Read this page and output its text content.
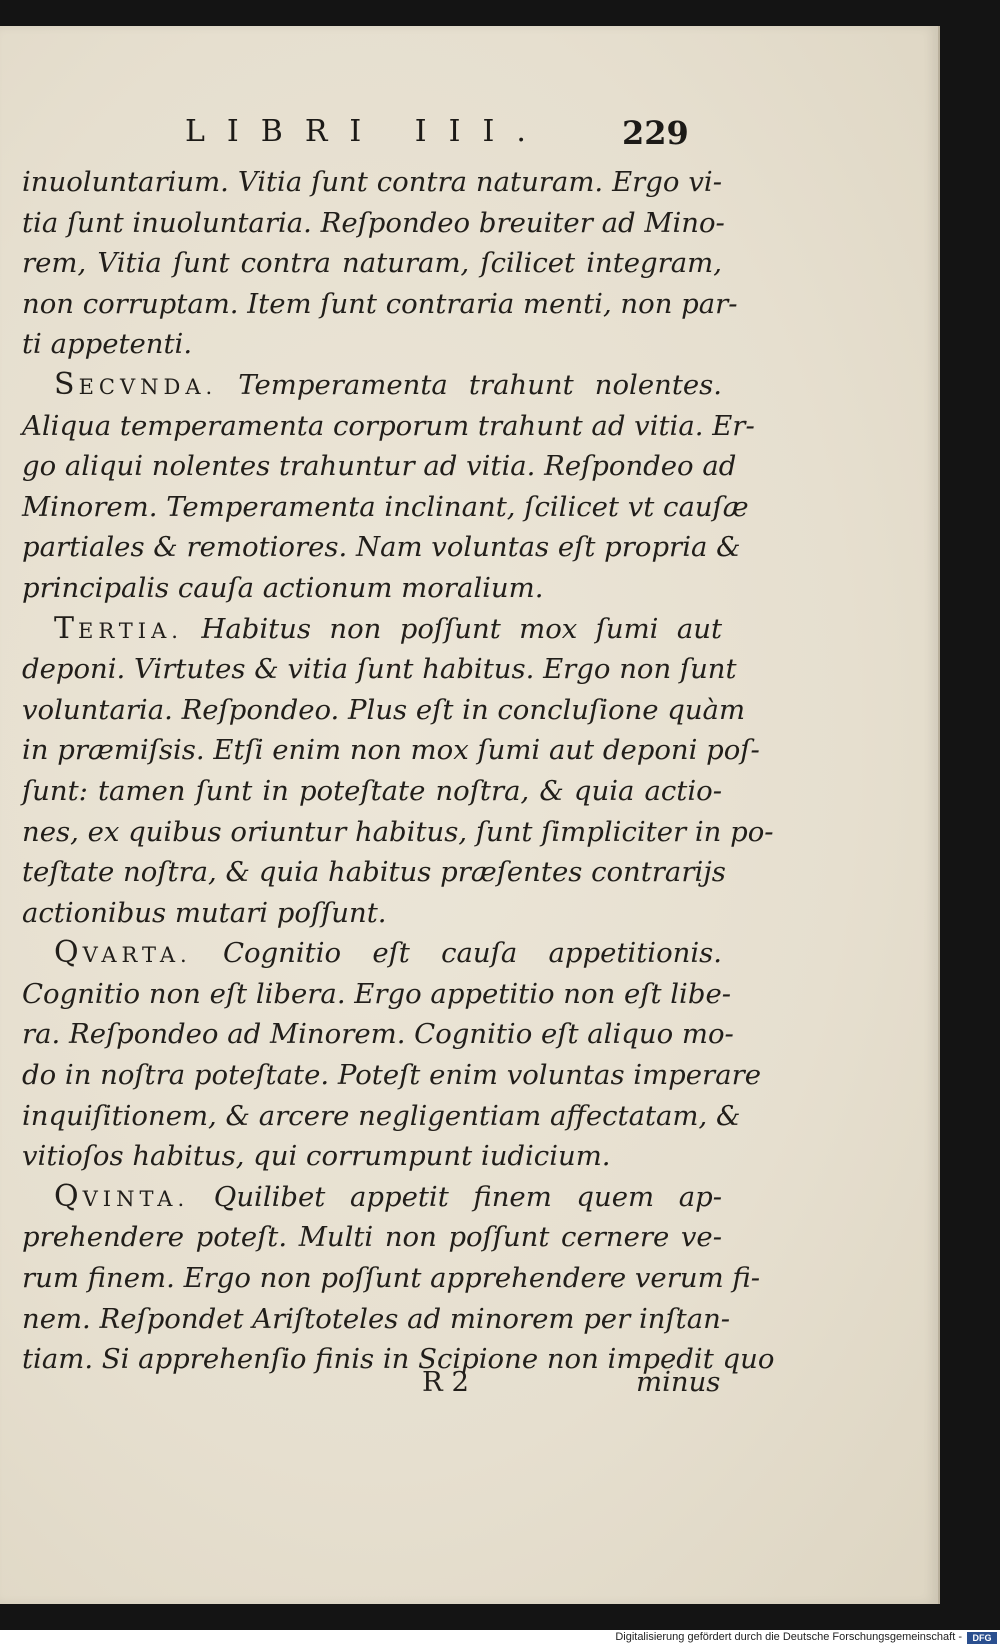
LIBRI III. 229
inuoluntarium. Vitia ſunt contra naturam. Ergo vi-
tia ſunt inuoluntaria. Reſpondeo breuiter ad Mino-
rem, Vitia ſunt contra naturam, ſcilicet integram,
non corruptam. Item ſunt contraria menti, non par-
ti appetenti.
SECVNDA. Temperamenta trahunt nolentes.
Aliqua temperamenta corporum trahunt ad vitia. Er-
go aliqui nolentes trahuntur ad vitia. Reſpondeo ad
Minorem. Temperamenta inclinant, ſcilicet vt cauſæ
partiales & remotiores. Nam voluntas eſt propria &
principalis cauſa actionum moralium.
TERTIA. Habitus non poſſunt mox ſumi aut
deponi. Virtutes & vitia ſunt habitus. Ergo non ſunt
voluntaria. Reſpondeo. Plus eſt in concluſione quàm
in præmiſsis. Etſi enim non mox ſumi aut deponi poſ-
ſunt: tamen ſunt in poteſtate noſtra, & quia actio-
nes, ex quibus oriuntur habitus, ſunt ſimpliciter in po-
teſtate noſtra, & quia habitus præſentes contrarijs
actionibus mutari poſſunt.
QVARTA. Cognitio eſt cauſa appetitionis.
Cognitio non eſt libera. Ergo appetitio non eſt libe-
ra. Reſpondeo ad Minorem. Cognitio eſt aliquo mo-
do in noſtra poteſtate. Poteſt enim voluntas imperare
inquiſitionem, & arcere negligentiam affectatam, &
vitioſos habitus, qui corrumpunt iudicium.
QVINTA. Quilibet appetit finem quem ap-
prehendere poteſt. Multi non poſſunt cernere ve-
rum finem. Ergo non poſſunt apprehendere verum fi-
nem. Reſpondet Ariſtoteles ad minorem per inſtan-
tiam. Si apprehenſio finis in Scipione non impedit quo
R 2	minus
Digitalisierung gefördert durch die Deutsche Forschungsgemeinschaft -	DFG
